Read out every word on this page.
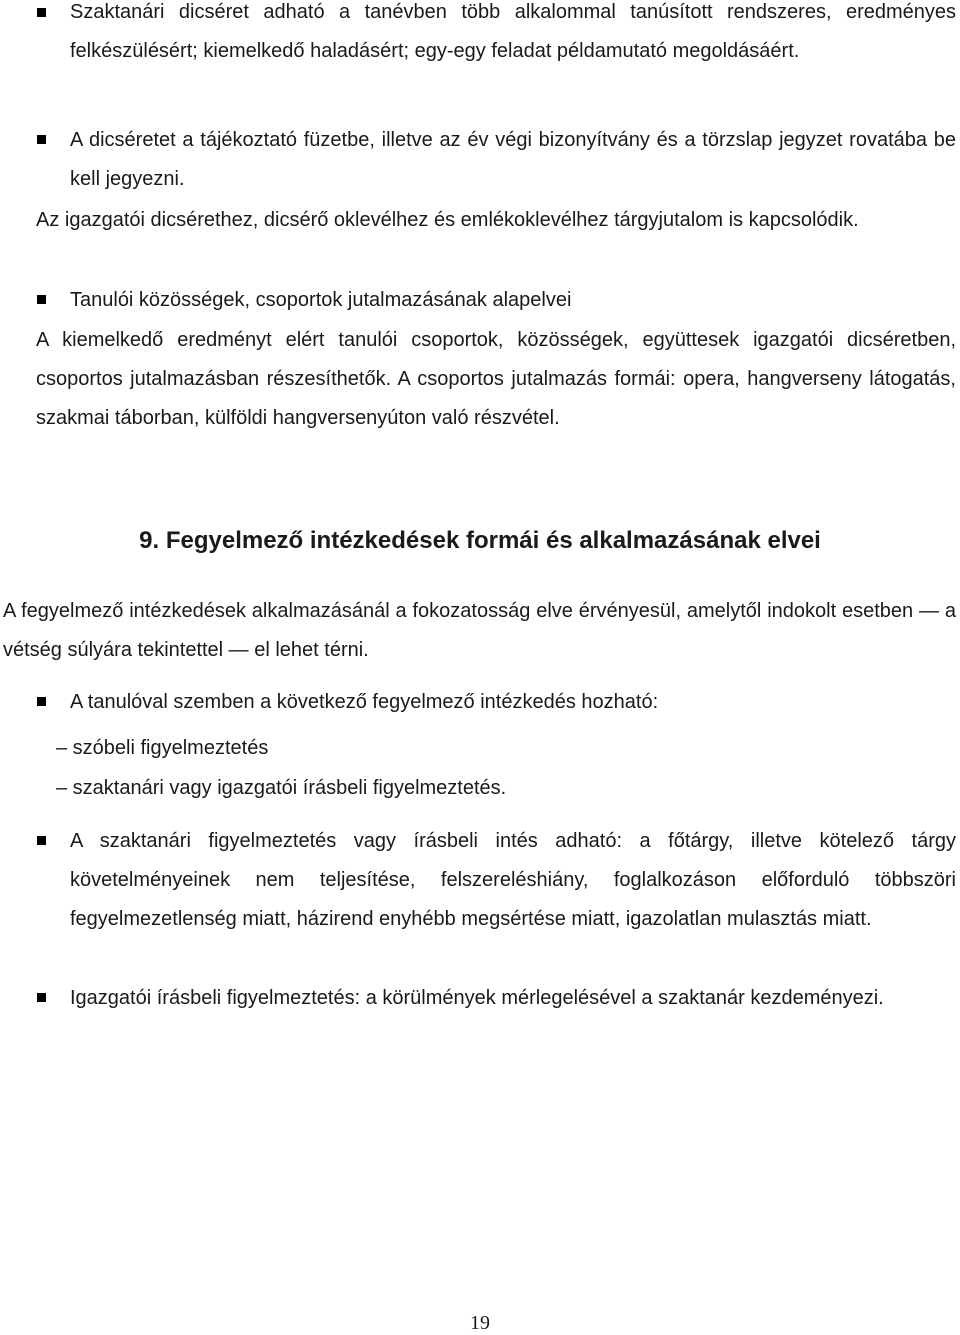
Szaktanári dicséret adható a tanévben több alkalommal tanúsított rendszeres, eredményes felkészülésért; kiemelkedő haladásért; egy-egy feladat példamutató megoldásáért.

A dicséretet a tájékoztató füzetbe, illetve az év végi bizonyítvány és a törzslap jegyzet rovatába be kell jegyezni.

Az igazgatói dicsérethez, dicsérő oklevélhez és emlékoklevélhez tárgyjutalom is kapcsolódik.

Tanulói közösségek, csoportok jutalmazásának alapelvei

A kiemelkedő eredményt elért tanulói csoportok, közösségek, együttesek igazgatói dicséretben, csoportos jutalmazásban részesíthetők. A csoportos jutalmazás formái: opera, hangverseny látogatás, szakmai táborban, külföldi hangversenyúton való részvétel.

9. Fegyelmező intézkedések formái és alkalmazásának elvei

A fegyelmező intézkedések alkalmazásánál a fokozatosság elve érvényesül, amelytől indokolt esetben — a vétség súlyára tekintettel — el lehet térni.

A tanulóval szemben a következő fegyelmező intézkedés hozható:

– szóbeli figyelmeztetés

– szaktanári vagy igazgatói írásbeli figyelmeztetés.

A szaktanári figyelmeztetés vagy írásbeli intés adható: a főtárgy, illetve kötelező tárgy követelményeinek nem teljesítése, felszereléshiány, foglalkozáson előforduló többszöri fegyelmezetlenség miatt, házirend enyhébb megsértése miatt, igazolatlan mulasztás miatt.

Igazgatói írásbeli figyelmeztetés: a körülmények mérlegelésével a szaktanár kezdeményezi.

19
